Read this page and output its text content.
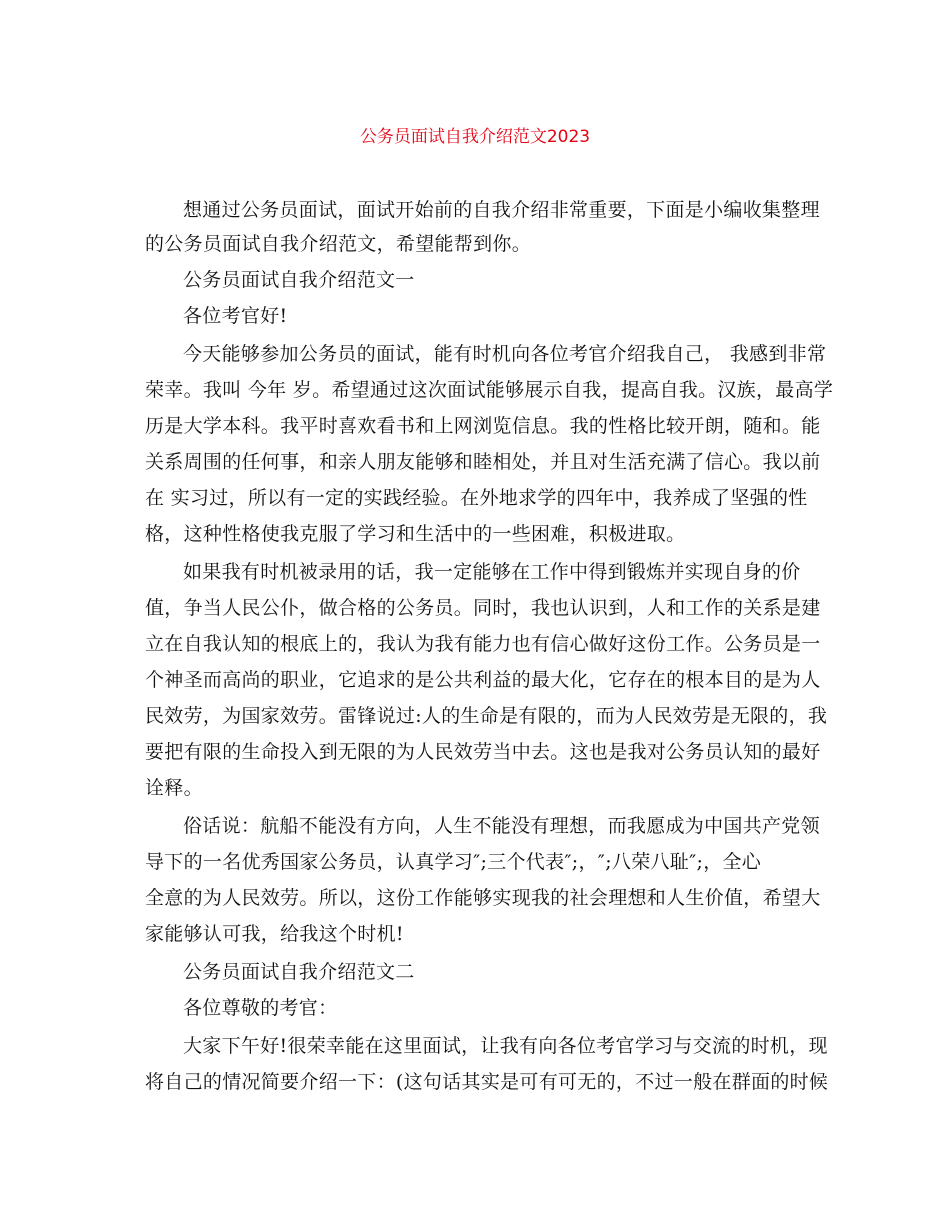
公务员面试自我介绍范文2023
想通过公务员面试，面试开始前的自我介绍非常重要，下面是小编收集整理
的公务员面试自我介绍范文，希望能帮到你。
公务员面试自我介绍范文一
各位考官好!
今天能够参加公务员的面试，能有时机向各位考官介绍我自己， 我感到非常
荣幸。我叫 今年 岁。希望通过这次面试能够展示自我，提高自我。汉族，最高学
历是大学本科。我平时喜欢看书和上网浏览信息。我的性格比较开朗，随和。能
关系周围的任何事，和亲人朋友能够和睦相处，并且对生活充满了信心。我以前
在 实习过，所以有一定的实践经验。在外地求学的四年中，我养成了坚强的性
格，这种性格使我克服了学习和生活中的一些困难，积极进取。
如果我有时机被录用的话，我一定能够在工作中得到锻炼并实现自身的价
值，争当人民公仆，做合格的公务员。同时，我也认识到，人和工作的关系是建
立在自我认知的根底上的，我认为我有能力也有信心做好这份工作。公务员是一
个神圣而高尚的职业，它追求的是公共利益的最大化，它存在的根本目的是为人
民效劳，为国家效劳。雷锋说过:人的生命是有限的，而为人民效劳是无限的，我
要把有限的生命投入到无限的为人民效劳当中去。这也是我对公务员认知的最好
诠释。
俗话说：航船不能没有方向，人生不能没有理想，而我愿成为中国共产党领
导下的一名优秀国家公务员，认真学习″;三个代表″;，″;八荣八耻″;，全心
全意的为人民效劳。所以，这份工作能够实现我的社会理想和人生价值，希望大
家能够认可我，给我这个时机!
公务员面试自我介绍范文二
各位尊敬的考官：
大家下午好!很荣幸能在这里面试，让我有向各位考官学习与交流的时机，现
将自己的情况简要介绍一下：(这句话其实是可有可无的，不过一般在群面的时候
